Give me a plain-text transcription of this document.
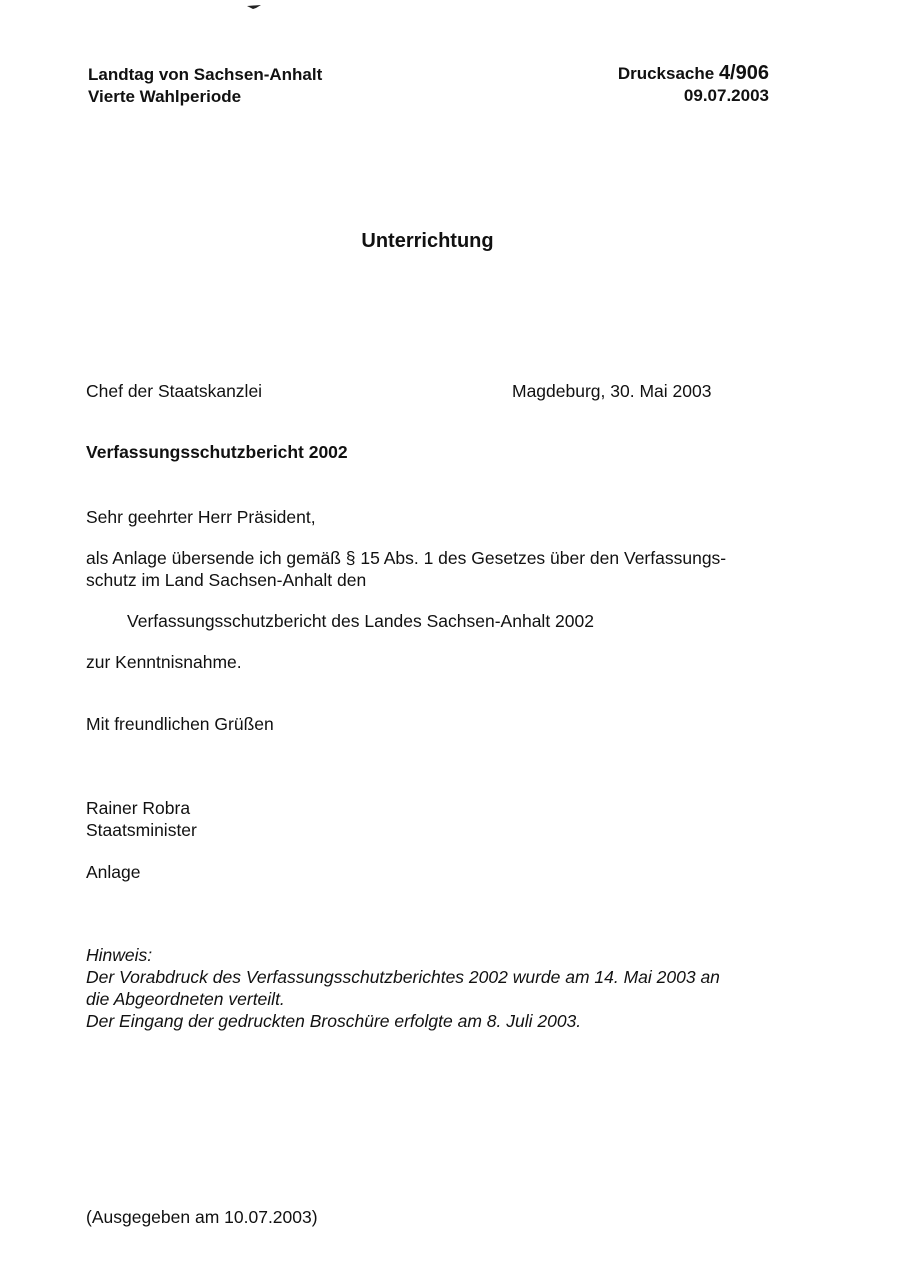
Landtag von Sachsen-Anhalt
Vierte Wahlperiode
Drucksache 4/906
09.07.2003
Unterrichtung
Chef der Staatskanzlei	Magdeburg, 30. Mai 2003
Verfassungsschutzbericht 2002
Sehr geehrter Herr Präsident,
als Anlage übersende ich gemäß § 15 Abs. 1 des Gesetzes über den Verfassungs-
schutz im Land Sachsen-Anhalt den
Verfassungsschutzbericht des Landes Sachsen-Anhalt 2002
zur Kenntnisnahme.
Mit freundlichen Grüßen
Rainer Robra
Staatsminister
Anlage
Hinweis:
Der Vorabdruck des Verfassungsschutzberichtes 2002 wurde am 14. Mai 2003 an
die Abgeordneten verteilt.
Der Eingang der gedruckten Broschüre erfolgte am 8. Juli 2003.
(Ausgegeben am 10.07.2003)
